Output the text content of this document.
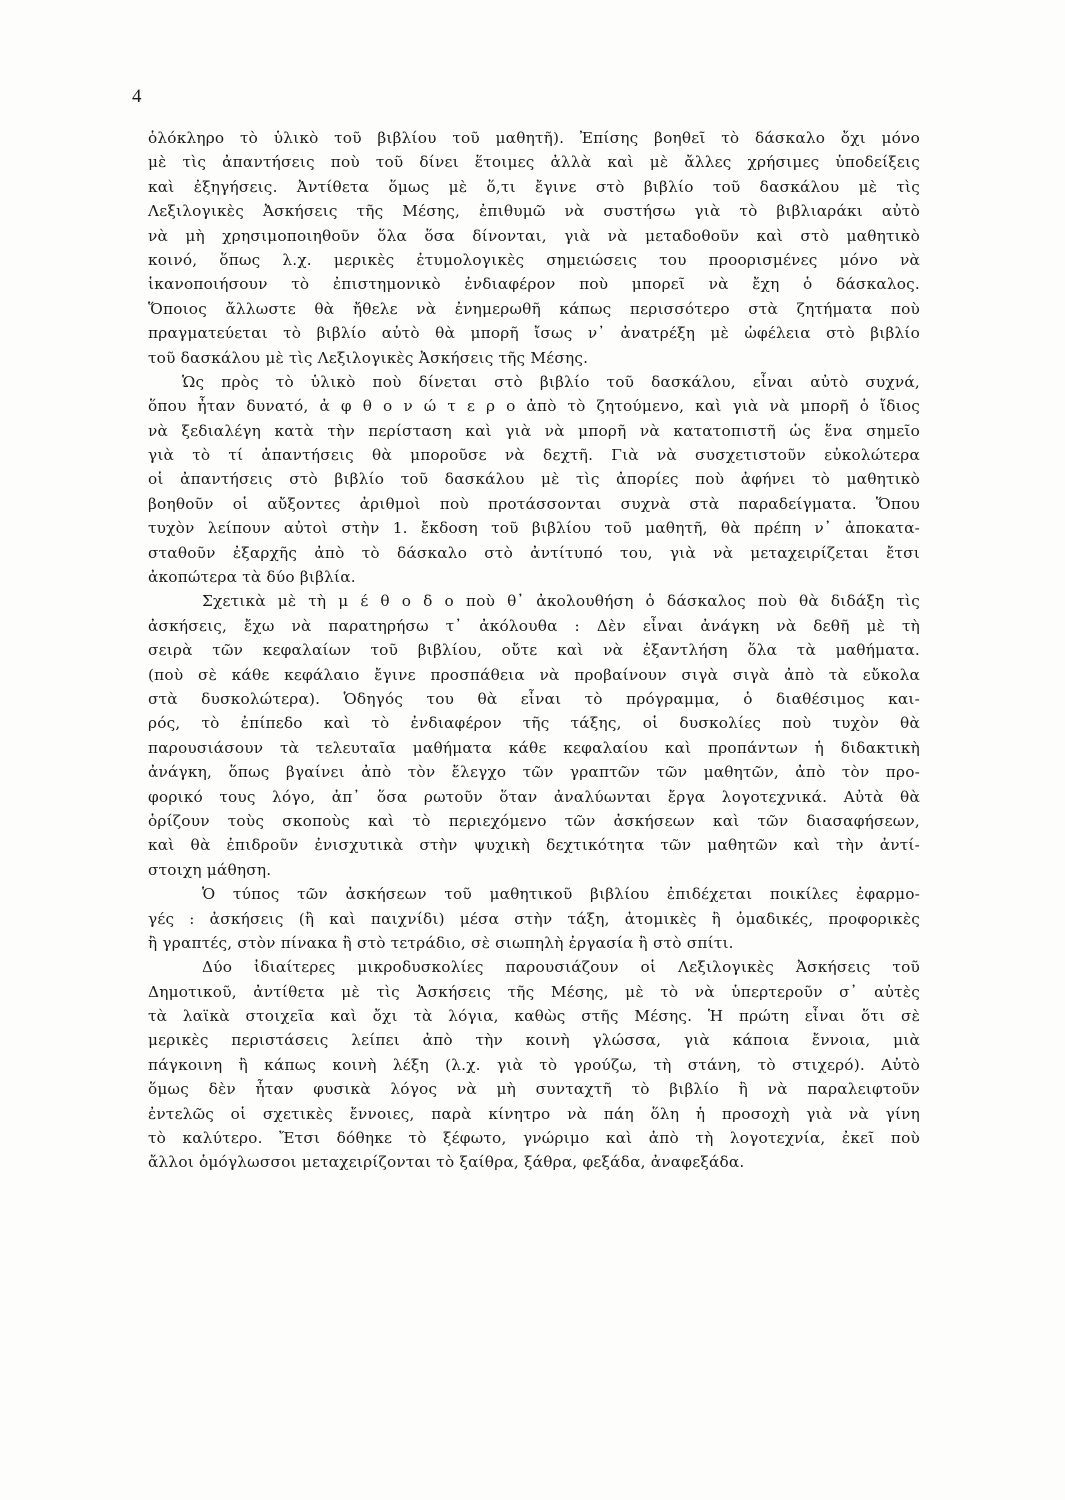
4
ὁλόκληρο τὸ ὑλικὸ τοῦ βιβλίου τοῦ μαθητῆ). Ἐπίσης βοηθεῖ τὸ δάσκαλο ὄχι μόνο
μὲ τὶς ἀπαντήσεις ποὺ τοῦ δίνει ἕτοιμες ἀλλὰ καὶ μὲ ἄλλες χρήσιμες ὑποδείξεις
καὶ ἐξηγήσεις. Ἀντίθετα ὅμως μὲ ὅ,τι ἔγινε στὸ βιβλίο τοῦ δασκάλου μὲ τὶς
Λεξιλογικὲς Ἀσκήσεις τῆς Μέσης, ἐπιθυμῶ νὰ συστήσω γιὰ τὸ βιβλιαράκι αὐτὸ
νὰ μὴ χρησιμοποιηθοῦν ὅλα ὅσα δίνονται, γιὰ νὰ μεταδοθοῦν καὶ στὸ μαθητικὸ
κοινό, ὅπως λ.χ. μερικὲς ἐτυμολογικὲς σημειώσεις του προορισμένες μόνο νὰ
ἱκανοποιήσουν τὸ ἐπιστημονικὸ ἐνδιαφέρον ποὺ μπορεῖ νὰ ἔχη ὁ δάσκαλος.
Ὅποιος ἄλλωστε θὰ ἤθελε νὰ ἐνημερωθῆ κάπως περισσότερο στὰ ζητήματα ποὺ
πραγματεύεται τὸ βιβλίο αὐτὸ θὰ μπορῆ ἴσως ν᾽ ἀνατρέξη μὲ ὠφέλεια στὸ βιβλίο
τοῦ δασκάλου μὲ τὶς Λεξιλογικὲς Ἀσκήσεις τῆς Μέσης.
Ὡς πρὸς τὸ ὑλικὸ ποὺ δίνεται στὸ βιβλίο τοῦ δασκάλου, εἶναι αὐτὸ συχνά,
ὅπου ἦταν δυνατό, ἀ φ θ ο ν ώ τ ε ρ ο ἀπὸ τὸ ζητούμενο, καὶ γιὰ νὰ μπορῆ ὁ ἴδιος
νὰ ξεδιαλέγη κατὰ τὴν περίσταση καὶ γιὰ νὰ μπορῆ νὰ κατατοπιστῆ ὡς ἕνα σημεῖο
γιὰ τὸ τί ἀπαντήσεις θὰ μποροῦσε νὰ δεχτῆ. Γιὰ νὰ συσχετιστοῦν εὐκολώτερα
οἱ ἀπαντήσεις στὸ βιβλίο τοῦ δασκάλου μὲ τὶς ἀπορίες ποὺ ἀφήνει τὸ μαθητικὸ
βοηθοῦν οἱ αὔξοντες ἀριθμοὶ ποὺ προτάσσονται συχνὰ στὰ παραδείγματα. Ὅπου
τυχὸν λείπουν αὐτοὶ στὴν 1. ἔκδοση τοῦ βιβλίου τοῦ μαθητῆ, θὰ πρέπη ν᾽ ἀποκατα-
σταθοῦν ἐξαρχῆς ἀπὸ τὸ δάσκαλο στὸ ἀντίτυπό του, γιὰ νὰ μεταχειρίζεται ἔτσι
ἀκοπώτερα τὰ δύο βιβλία.
Σχετικὰ μὲ τὴ μ έ θ ο δ ο ποὺ θ᾽ ἀκολουθήση ὁ δάσκαλος ποὺ θὰ διδάξη τὶς
ἀσκήσεις, ἔχω νὰ παρατηρήσω τ᾽ ἀκόλουθα : Δὲν εἶναι ἀνάγκη νὰ δεθῆ μὲ τὴ
σειρὰ τῶν κεφαλαίων τοῦ βιβλίου, οὔτε καὶ νὰ ἐξαντλήση ὅλα τὰ μαθήματα.
(ποὺ σὲ κάθε κεφάλαιο ἔγινε προσπάθεια νὰ προβαίνουν σιγὰ σιγὰ ἀπὸ τὰ εὔκολα
στὰ δυσκολώτερα). Ὁδηγός του θὰ εἶναι τὸ πρόγραμμα, ὁ διαθέσιμος και-
ρός, τὸ ἐπίπεδο καὶ τὸ ἐνδιαφέρον τῆς τάξης, οἱ δυσκολίες ποὺ τυχὸν θὰ
παρουσιάσουν τὰ τελευταῖα μαθήματα κάθε κεφαλαίου καὶ προπάντων ἡ διδακτικὴ
ἀνάγκη, ὅπως βγαίνει ἀπὸ τὸν ἔλεγχο τῶν γραπτῶν τῶν μαθητῶν, ἀπὸ τὸν προ-
φορικό τους λόγο, ἀπ᾽ ὅσα ρωτοῦν ὅταν ἀναλύωνται ἔργα λογοτεχνικά. Αὐτὰ θὰ
ὁρίζουν τοὺς σκοποὺς καὶ τὸ περιεχόμενο τῶν ἀσκήσεων καὶ τῶν διασαφήσεων,
καὶ θὰ ἐπιδροῦν ἐνισχυτικὰ στὴν ψυχικὴ δεχτικότητα τῶν μαθητῶν καὶ τὴν ἀντί-
στοιχη μάθηση.
Ὁ τύπος τῶν ἀσκήσεων τοῦ μαθητικοῦ βιβλίου ἐπιδέχεται ποικίλες ἐφαρμο-
γές : ἀσκήσεις (ἢ καὶ παιχνίδι) μέσα στὴν τάξη, ἀτομικὲς ἢ ὁμαδικές, προφορικὲς
ἢ γραπτές, στὸν πίνακα ἢ στὸ τετράδιο, σὲ σιωπηλὴ ἐργασία ἢ στὸ σπίτι.
Δύο ἰδιαίτερες μικροδυσκολίες παρουσιάζουν οἱ Λεξιλογικὲς Ἀσκήσεις τοῦ
Δημοτικοῦ, ἀντίθετα μὲ τὶς Ἀσκήσεις τῆς Μέσης, μὲ τὸ νὰ ὑπερτεροῦν σ᾽ αὐτὲς
τὰ λαϊκὰ στοιχεῖα καὶ ὄχι τὰ λόγια, καθὼς στῆς Μέσης. Ἡ πρώτη εἶναι ὅτι σὲ
μερικὲς περιστάσεις λείπει ἀπὸ τὴν κοινὴ γλώσσα, γιὰ κάποια ἔννοια, μιὰ
πάγκοινη ἢ κάπως κοινὴ λέξη (λ.χ. γιὰ τὸ γρούζω, τὴ στάνη, τὸ στιχερό). Αὐτὸ
ὅμως δὲν ἦταν φυσικὰ λόγος νὰ μὴ συνταχτῆ τὸ βιβλίο ἢ νὰ παραλειφτοῦν
ἐντελῶς οἱ σχετικὲς ἔννοιες, παρὰ κίνητρο νὰ πάη ὅλη ἡ προσοχὴ γιὰ νὰ γίνη
τὸ καλύτερο. Ἔτσι δόθηκε τὸ ξέφωτο, γνώριμο καὶ ἀπὸ τὴ λογοτεχνία, ἐκεῖ ποὺ
ἄλλοι ὁμόγλωσσοι μεταχειρίζονται τὸ ξαίθρα, ξάθρα, φεξάδα, ἀναφεξάδα.
